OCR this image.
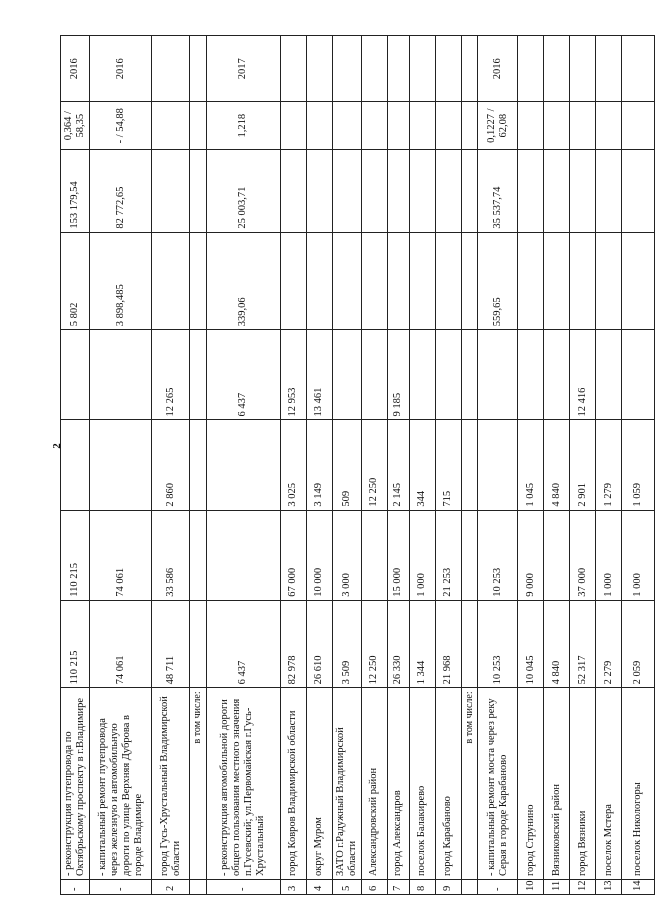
2
-	- реконструкция путепровода по Октябрьскому проспекту в г.Владимире	110 215	110 215			5 802	153 179,54	0,364 / 58,35	2016
-	- капитальный ремонт путепровода через железную и автомобильную дороги по улице Верхняя Дуброва в городе Владимире	74 061	74 061			3 898,485	82 772,65	- / 54,88	2016
2	город Гусь-Хрустальный Владимирской области	48 711	33 586	2 860	12 265				
	в том числе:								
-	- реконструкция автомобильной дороги общего пользования местного значения п.Гусевский; ул.Первомайская г.Гусь-Хрустальный	6 437			6 437	339,06	25 003,71	1,218	2017
3	город Ковров Владимирской области	82 978	67 000	3 025	12 953				
4	округ Муром	26 610	10 000	3 149	13 461				
5	ЗАТО г.Радужный Владимирской области	3 509	3 000	509					
6	Александровский район	12 250		12 250					
7	город Александров	26 330	15 000	2 145	9 185				
8	поселок Балакирево	1 344	1 000	344					
9	город Карабаново	21 968	21 253	715					
	в том числе:								
-	- капитальный ремонт моста через реку Серая в городе Карабаново	10 253	10 253			559,65	35 537,74	0,1227 / 62,08	2016
10	город Струнино	10 045	9 000	1 045					
11	Вязниковский район	4 840		4 840					
12	город Вязники	52 317	37 000	2 901	12 416				
13	поселок Мстера	2 279	1 000	1 279					
14	поселок Никологоры	2 059	1 000	1 059					
